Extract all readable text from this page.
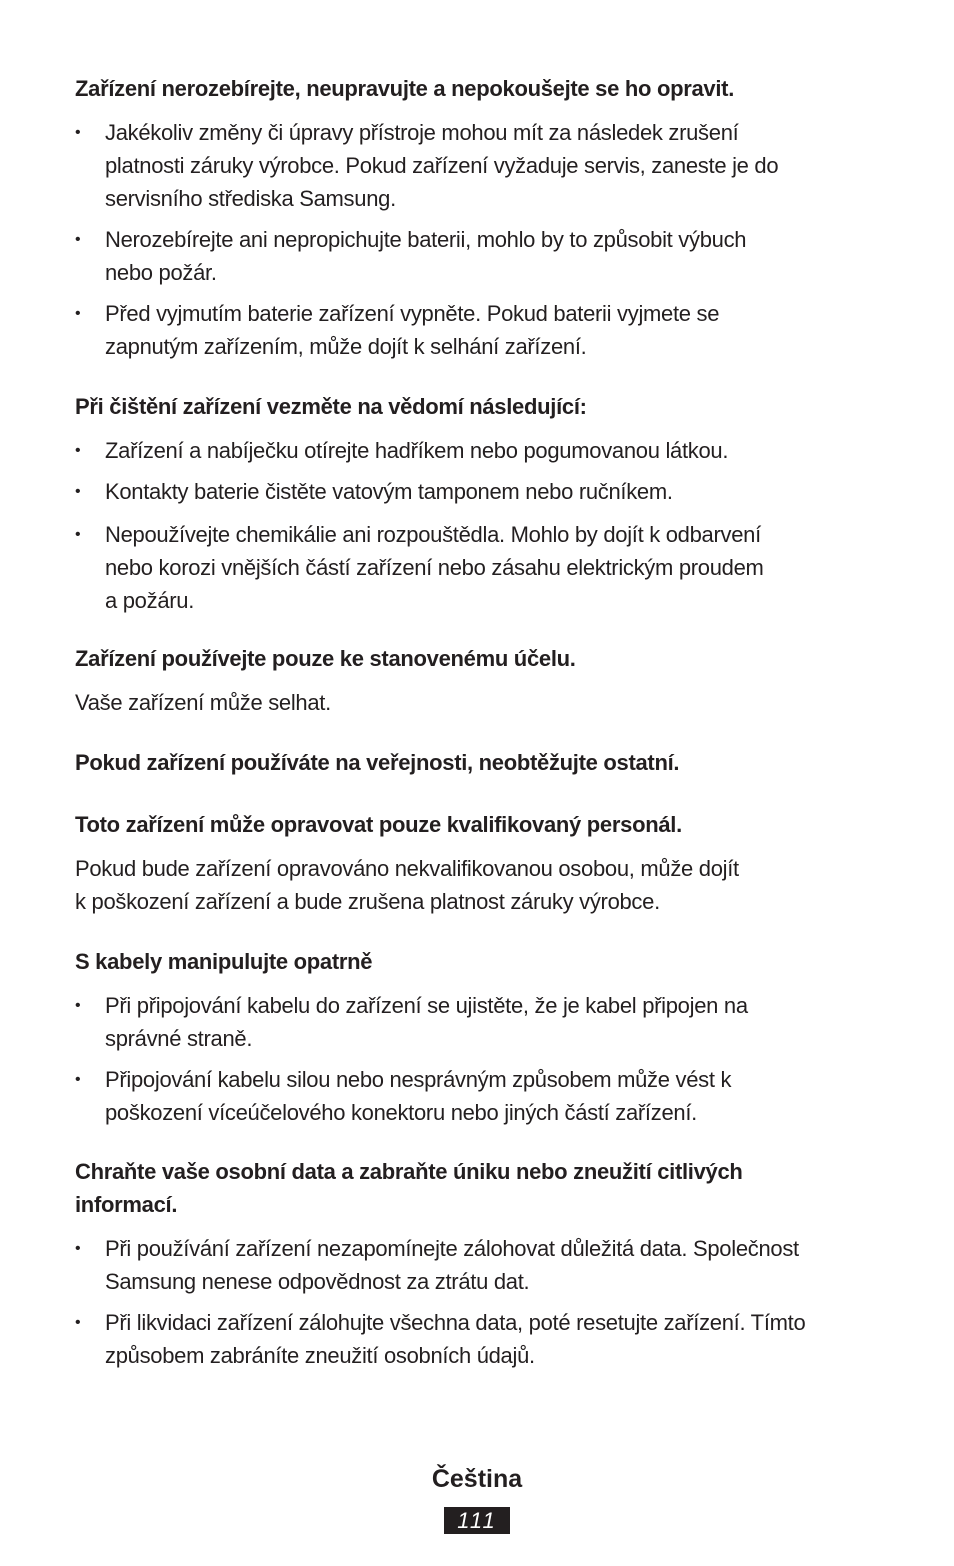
Zařízení nerozebírejte, neupravujte a nepokoušejte se ho opravit.
•	Jakékoliv změny či úpravy přístroje mohou mít za následek zrušení
platnosti záruky výrobce. Pokud zařízení vyžaduje servis, zaneste je do
servisního střediska Samsung.
•	Nerozebírejte ani nepropichujte baterii, mohlo by to způsobit výbuch
nebo požár.
•	Před vyjmutím baterie zařízení vypněte. Pokud baterii vyjmete se
zapnutým zařízením, může dojít k selhání zařízení.
Při čištění zařízení vezměte na vědomí následující:
•	Zařízení a nabíječku otírejte hadříkem nebo pogumovanou látkou.
•	Kontakty baterie čistěte vatovým tamponem nebo ručníkem.
•	Nepoužívejte chemikálie ani rozpouštědla. Mohlo by dojít k odbarvení
nebo korozi vnějších částí zařízení nebo zásahu elektrickým proudem
a požáru.
Zařízení používejte pouze ke stanovenému účelu.
Vaše zařízení může selhat.
Pokud zařízení používáte na veřejnosti, neobtěžujte ostatní.
Toto zařízení může opravovat pouze kvalifikovaný personál.
Pokud bude zařízení opravováno nekvalifikovanou osobou, může dojít
k poškození zařízení a bude zrušena platnost záruky výrobce.
S kabely manipulujte opatrně
•	Při připojování kabelu do zařízení se ujistěte, že je kabel připojen na
správné straně.
•	Připojování kabelu silou nebo nesprávným způsobem může vést k
poškození víceúčelového konektoru nebo jiných částí zařízení.
Chraňte vaše osobní data a zabraňte úniku nebo zneužití citlivých
informací.
•	Při používání zařízení nezapomínejte zálohovat důležitá data. Společnost
Samsung nenese odpovědnost za ztrátu dat.
•	Při likvidaci zařízení zálohujte všechna data, poté resetujte zařízení. Tímto
způsobem zabráníte zneužití osobních údajů.
Čeština
111
